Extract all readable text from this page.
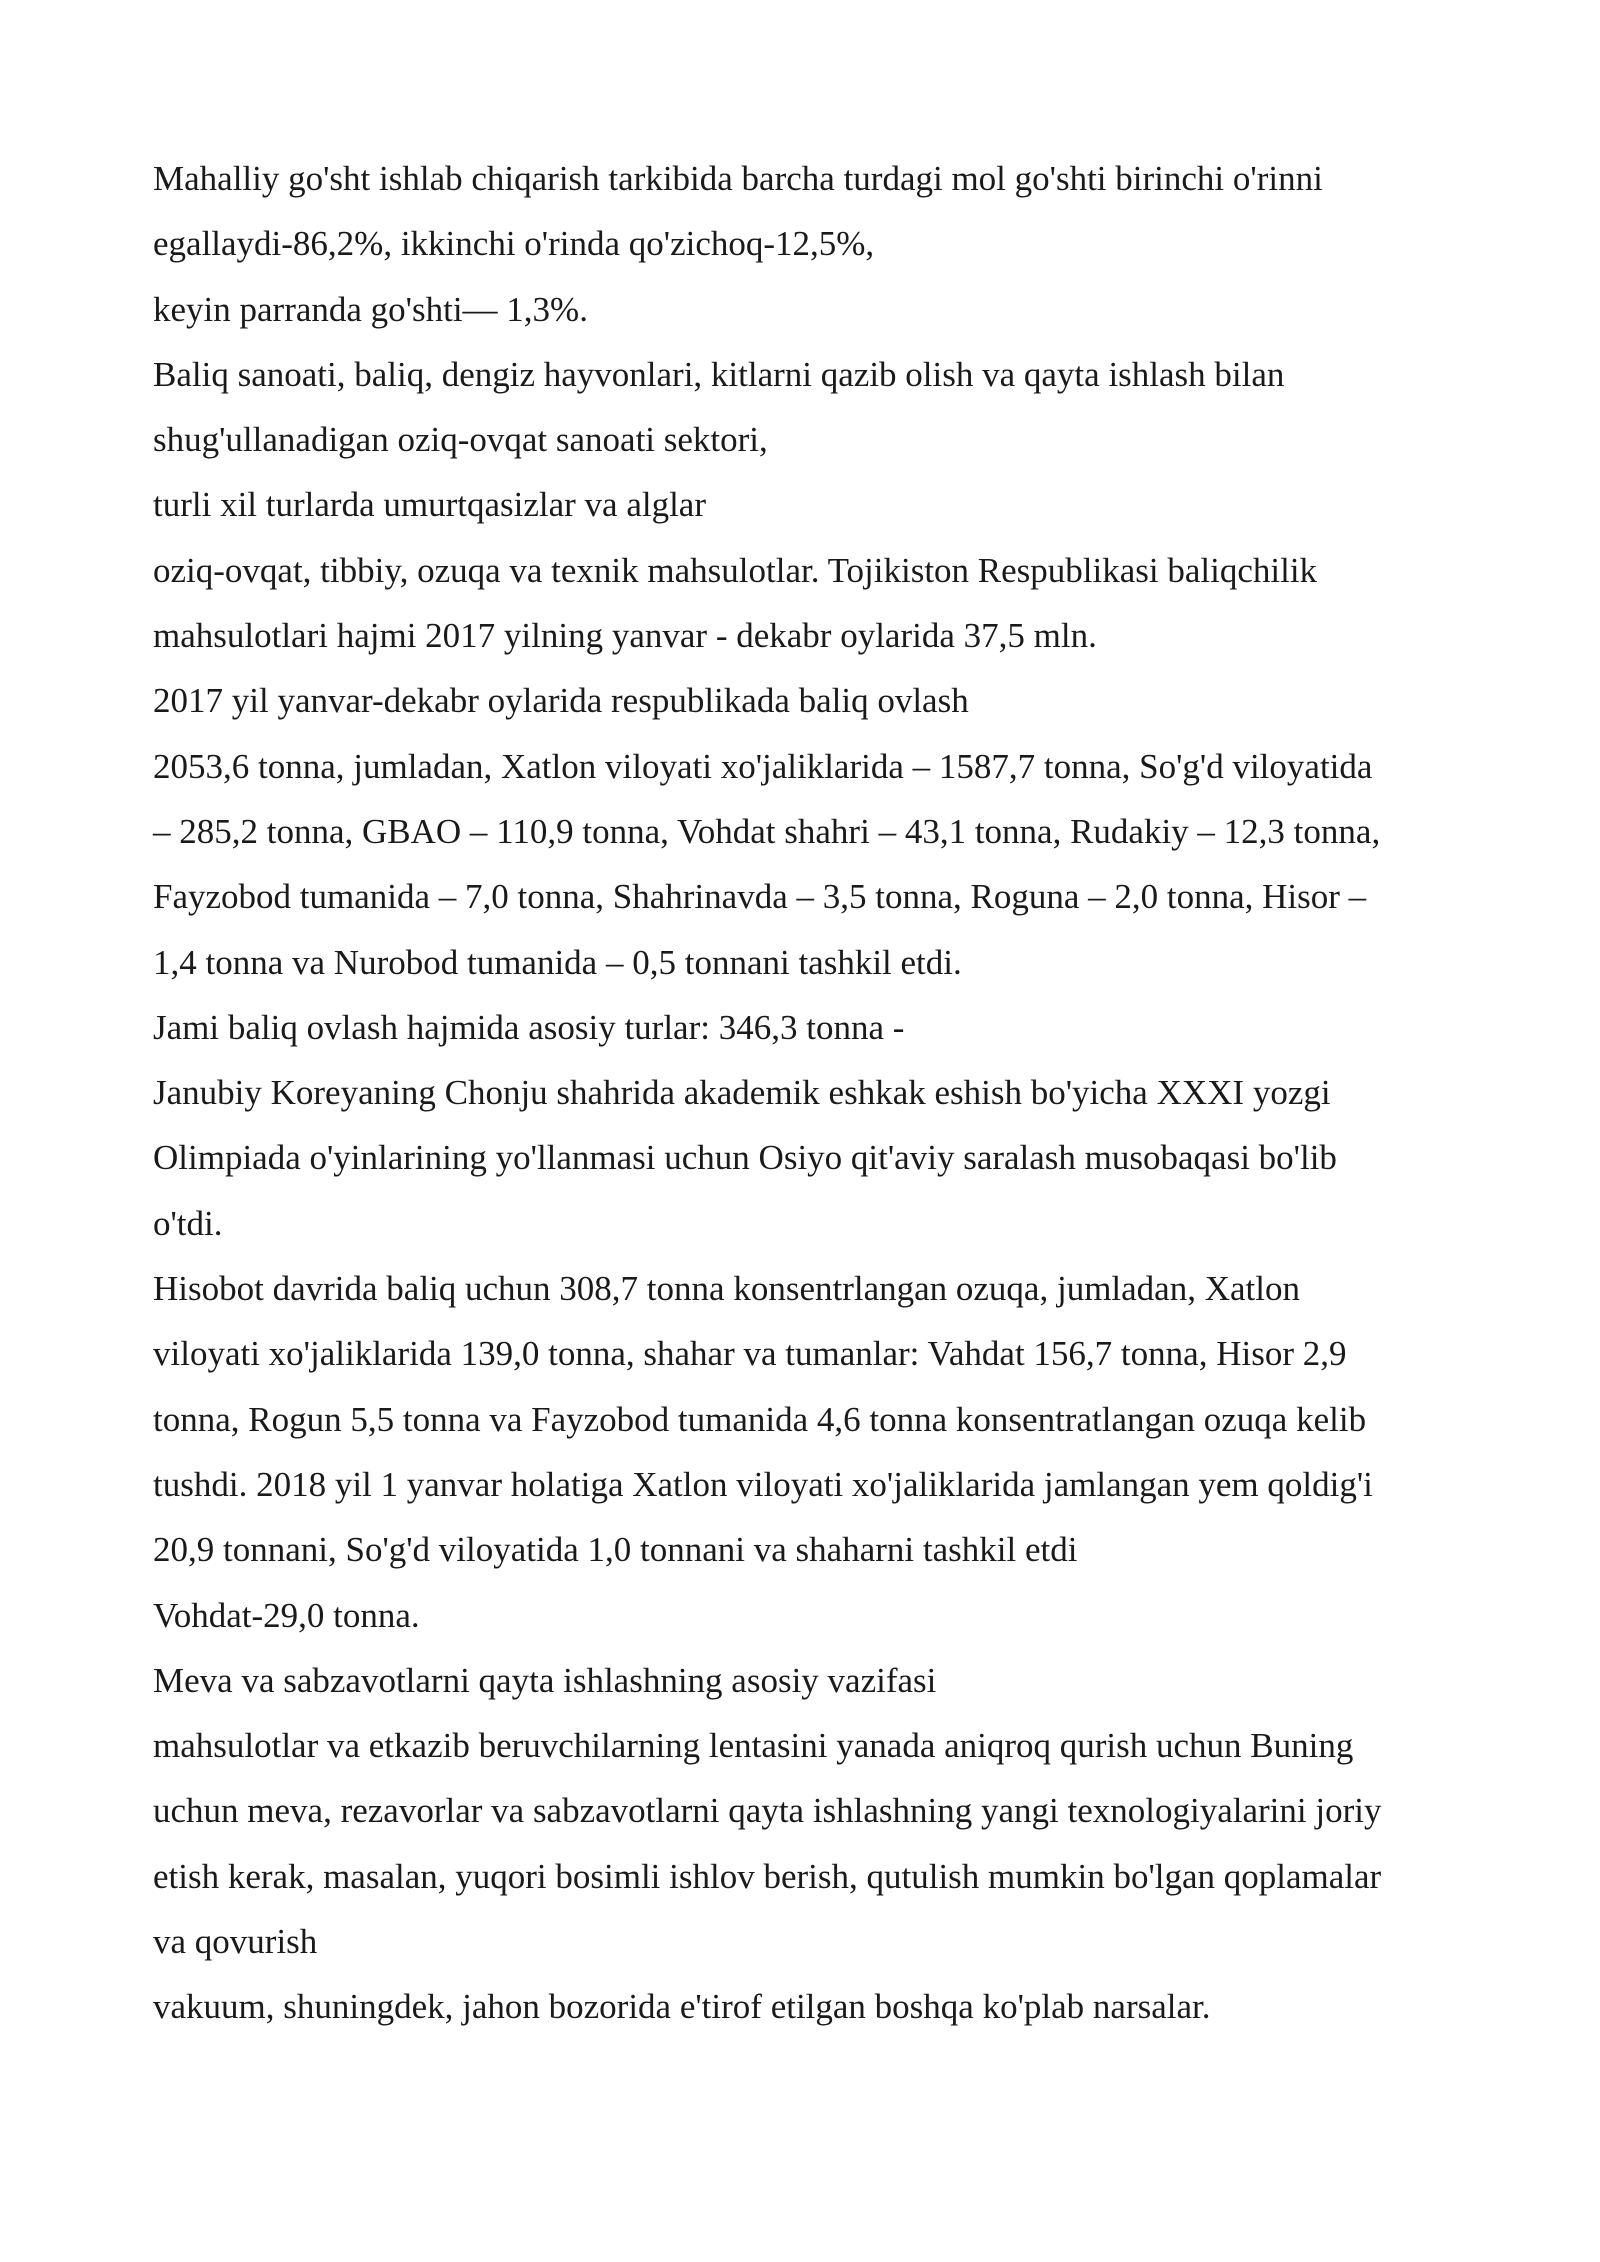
Mahalliy go'sht ishlab chiqarish tarkibida barcha turdagi mol go'shti birinchi o'rinni
egallaydi-86,2%, ikkinchi o'rinda qo'zichoq-12,5%,
keyin parranda go'shti— 1,3%.
Baliq sanoati, baliq, dengiz hayvonlari, kitlarni qazib olish va qayta ishlash bilan
shug'ullanadigan oziq-ovqat sanoati sektori,
turli xil turlarda umurtqasizlar va alglar
oziq-ovqat, tibbiy, ozuqa va texnik mahsulotlar. Tojikiston Respublikasi baliqchilik
mahsulotlari hajmi 2017 yilning yanvar - dekabr oylarida 37,5 mln.
2017 yil yanvar-dekabr oylarida respublikada baliq ovlash
2053,6 tonna, jumladan, Xatlon viloyati xo'jaliklarida – 1587,7 tonna, So'g'd viloyatida
– 285,2 tonna, GBAO – 110,9 tonna, Vohdat shahri – 43,1 tonna, Rudakiy – 12,3 tonna,
Fayzobod tumanida – 7,0 tonna, Shahrinavda – 3,5 tonna, Roguna – 2,0 tonna, Hisor –
1,4 tonna va Nurobod tumanida – 0,5 tonnani tashkil etdi.
Jami baliq ovlash hajmida asosiy turlar: 346,3 tonna -
Janubiy Koreyaning Chonju shahrida akademik eshkak eshish bo'yicha XXXI yozgi
Olimpiada o'yinlarining yo'llanmasi uchun Osiyo qit'aviy saralash musobaqasi bo'lib
o'tdi.
Hisobot davrida baliq uchun 308,7 tonna konsentrlangan ozuqa, jumladan, Xatlon
viloyati xo'jaliklarida 139,0 tonna, shahar va tumanlar: Vahdat 156,7 tonna, Hisor 2,9
tonna, Rogun 5,5 tonna va Fayzobod tumanida 4,6 tonna konsentratlangan ozuqa kelib
tushdi. 2018 yil 1 yanvar holatiga Xatlon viloyati xo'jaliklarida jamlangan yem qoldig'i
20,9 tonnani, So'g'd viloyatida 1,0 tonnani va shaharni tashkil etdi
Vohdat-29,0 tonna.
Meva va sabzavotlarni qayta ishlashning asosiy vazifasi
mahsulotlar va etkazib beruvchilarning lentasini yanada aniqroq qurish uchun Buning
uchun meva, rezavorlar va sabzavotlarni qayta ishlashning yangi texnologiyalarini joriy
etish kerak, masalan, yuqori bosimli ishlov berish, qutulish mumkin bo'lgan qoplamalar
va qovurish
vakuum, shuningdek, jahon bozorida e'tirof etilgan boshqa ko'plab narsalar.
